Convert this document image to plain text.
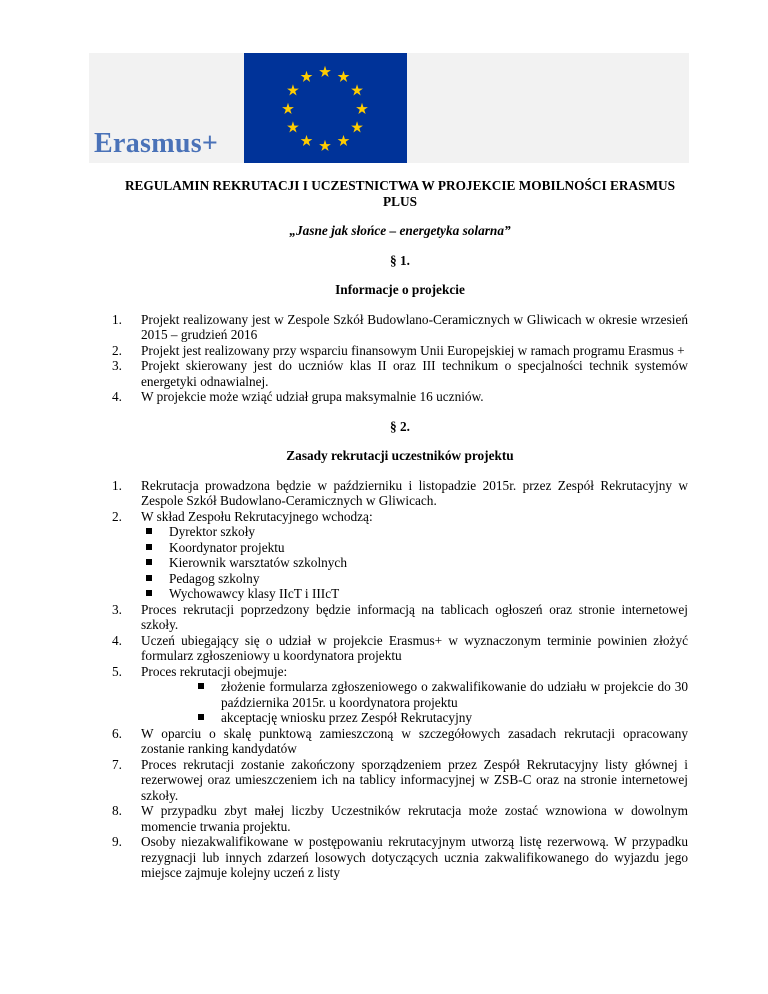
Erasmus+
REGULAMIN REKRUTACJI I UCZESTNICTWA W PROJEKCIE MOBILNOŚCI ERASMUS
PLUS
„Jasne jak słońce – energetyka solarna”
§ 1.
Informacje o projekcie
1.	Projekt realizowany jest w Zespole Szkół Budowlano-Ceramicznych w Gliwicach w okresie wrzesień 2015 – grudzień 2016
2.	Projekt jest realizowany przy wsparciu finansowym Unii Europejskiej w ramach programu Erasmus +
3.	Projekt skierowany jest do uczniów klas II oraz III technikum o specjalności technik systemów energetyki odnawialnej.
4.	W projekcie może wziąć udział grupa maksymalnie 16 uczniów.
§ 2.
Zasady rekrutacji uczestników projektu
1.	Rekrutacja prowadzona będzie w październiku i listopadzie 2015r. przez Zespół Rekrutacyjny w Zespole Szkół Budowlano-Ceramicznych w Gliwicach.
2.	W skład Zespołu Rekrutacyjnego wchodzą:
Dyrektor szkoły
Koordynator projektu
Kierownik warsztatów szkolnych
Pedagog szkolny
Wychowawcy klasy IIcT i IIIcT
3.	Proces rekrutacji poprzedzony będzie informacją na tablicach ogłoszeń oraz stronie internetowej szkoły.
4.	Uczeń ubiegający się o udział w projekcie Erasmus+ w wyznaczonym terminie powinien złożyć formularz zgłoszeniowy u koordynatora projektu
5.	Proces rekrutacji obejmuje:
złożenie formularza zgłoszeniowego o zakwalifikowanie do udziału w projekcie do 30 października 2015r. u koordynatora projektu
akceptację wniosku przez Zespół Rekrutacyjny
6.	W oparciu o skalę punktową zamieszczoną w szczegółowych zasadach rekrutacji opracowany zostanie ranking kandydatów
7.	Proces rekrutacji zostanie zakończony sporządzeniem przez Zespół Rekrutacyjny listy głównej i rezerwowej oraz umieszczeniem ich na tablicy informacyjnej w ZSB-C oraz na stronie internetowej szkoły.
8.	W przypadku zbyt małej liczby Uczestników rekrutacja może zostać wznowiona w dowolnym momencie trwania projektu.
9.	Osoby niezakwalifikowane w postępowaniu rekrutacyjnym utworzą listę rezerwową. W przypadku rezygnacji lub innych zdarzeń losowych dotyczących ucznia zakwalifikowanego do wyjazdu jego miejsce zajmuje kolejny uczeń z listy
